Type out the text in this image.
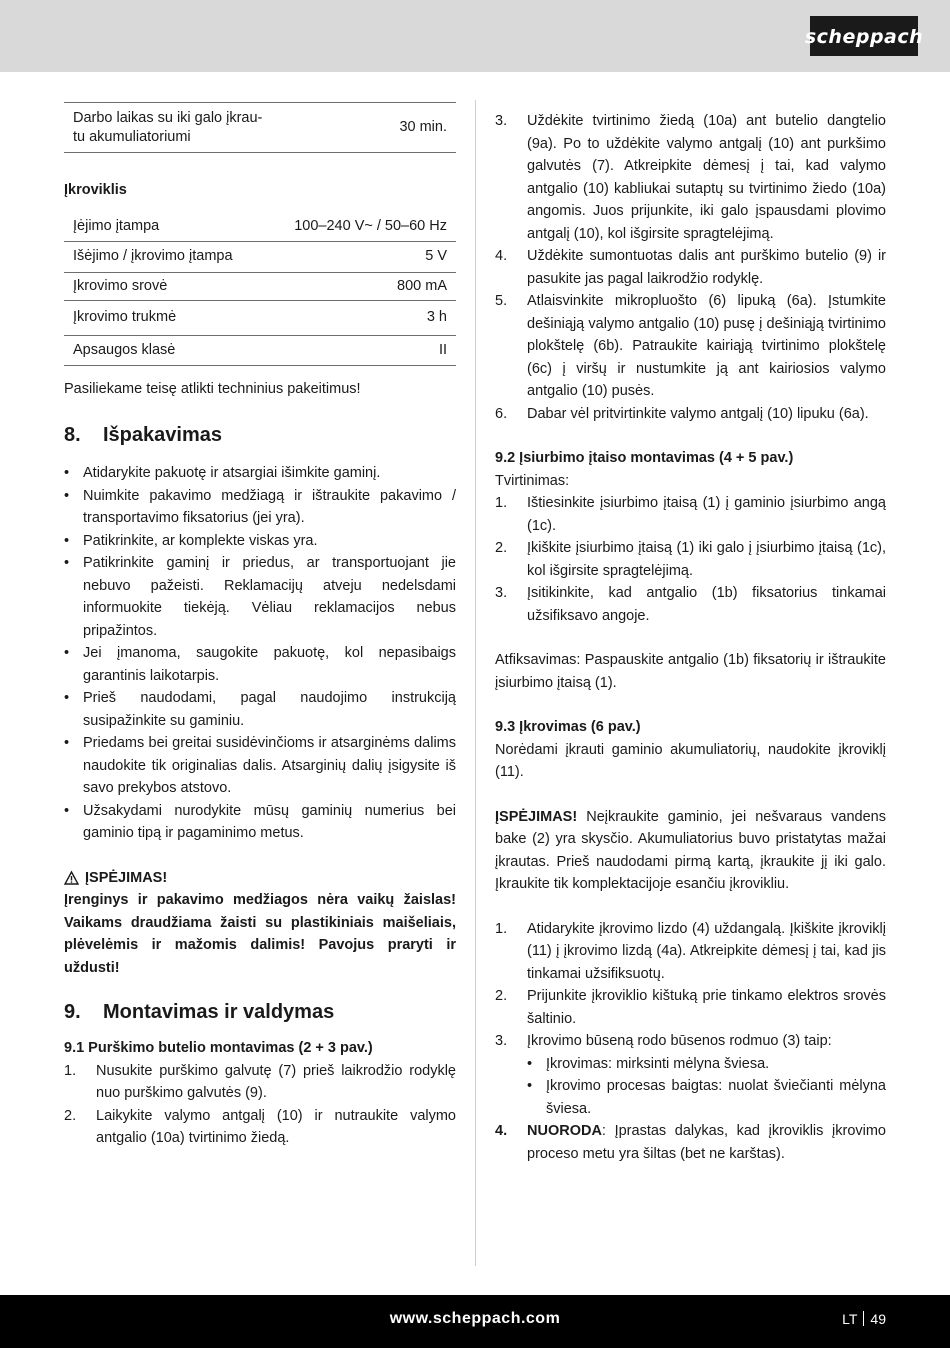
scheppach
Darbo laikas su iki galo įkrau-tu akumuliatoriumi	30 min.
Įkroviklis
Įėjimo įtampa	100–240 V~ / 50–60 Hz
Išėjimo / įkrovimo įtampa	5 V
Įkrovimo srovė	800 mA
Įkrovimo trukmė	3 h
Apsaugos klasė	II

Pasiliekame teisę atlikti techninius pakeitimus!

8. Išpakavimas
• Atidarykite pakuotę ir atsargiai išimkite gaminį.
• Nuimkite pakavimo medžiagą ir ištraukite pakavimo / transportavimo fiksatorius (jei yra).
• Patikrinkite, ar komplekte viskas yra.
• Patikrinkite gaminį ir priedus, ar transportuojant jie nebuvo pažeisti. Reklamacijų atveju nedelsdami informuokite tiekėją. Vėliau reklamacijos nebus pripažintos.
• Jei įmanoma, saugokite pakuotę, kol nepasibaigs garantinis laikotarpis.
• Prieš naudodami, pagal naudojimo instrukciją susipažinkite su gaminiu.
• Priedams bei greitai susidėvinčioms ir atsarginėms dalims naudokite tik originalias dalis. Atsarginių dalių įsigysite iš savo prekybos atstovo.
• Užsakydami nurodykite mūsų gaminių numerius bei gaminio tipą ir pagaminimo metus.
ĮSPĖJIMAS!

Įrenginys ir pakavimo medžiagos nėra vaikų žaislas! Vaikams draudžiama žaisti su plastikiniais maišeliais, plėvelėmis ir mažomis dalimis! Pavojus praryti ir uždusti!

9. Montavimas ir valdymas
9.1 Purškimo butelio montavimas (2 + 3 pav.)
1. Nusukite purškimo galvutę (7) prieš laikrodžio rodyklę nuo purškimo galvutės (9).
2. Laikykite valymo antgalį (10) ir nutraukite valymo antgalio (10a) tvirtinimo žiedą.
3. Uždėkite tvirtinimo žiedą (10a) ant butelio dangtelio (9a). Po to uždėkite valymo antgalį (10) ant purkšimo galvutės (7). Atkreipkite dėmesį į tai, kad valymo antgalio (10) kabliukai sutaptų su tvirtinimo žiedo (10a) angomis. Juos prijunkite, iki galo įspausdami plovimo antgalį (10), kol išgirsite spragtelėjimą.
4. Uždėkite sumontuotas dalis ant purškimo butelio (9) ir pasukite jas pagal laikrodžio rodyklę.
5. Atlaisvinkite mikropluošto (6) lipuką (6a). Įstumkite dešiniąją valymo antgalio (10) pusę į dešiniąją tvirtinimo plokštelę (6b). Patraukite kairiąją tvirtinimo plokštelę (6c) į viršų ir nustumkite ją ant kairiosios valymo antgalio (10) pusės.
6. Dabar vėl pritvirtinkite valymo antgalį (10) lipuku (6a).
9.2 Įsiurbimo įtaiso montavimas (4 + 5 pav.)

Tvirtinimas:

1. Ištiesinkite įsiurbimo įtaisą (1) į gaminio įsiurbimo angą (1c).
2. Įkiškite įsiurbimo įtaisą (1) iki galo į įsiurbimo įtaisą (1c), kol išgirsite spragtelėjimą.
3. Įsitikinkite, kad antgalio (1b) fiksatorius tinkamai užsifiksavo angoje.

Atfiksavimas: Paspauskite antgalio (1b) fiksatorių ir ištraukite įsiurbimo įtaisą (1).

9.3 Įkrovimas (6 pav.)

Norėdami įkrauti gaminio akumuliatorių, naudokite įkroviklį (11).

ĮSPĖJIMAS! Neįkraukite gaminio, jei nešvaraus vandens bake (2) yra skysčio. Akumuliatorius buvo pristatytas mažai įkrautas. Prieš naudodami pirmą kartą, įkraukite jį iki galo. Įkraukite tik komplektacijoje esančiu įkrovikliu.

1. Atidarykite įkrovimo lizdo (4) uždangalą. Įkiškite įkroviklį (11) į įkrovimo lizdą (4a). Atkreipkite dėmesį į tai, kad jis tinkamai užsifiksuotų.
2. Prijunkite įkroviklio kištuką prie tinkamo elektros srovės šaltinio.
3. Įkrovimo būseną rodo būsenos rodmuo (3) taip:
• Įkrovimas: mirksinti mėlyna šviesa.
• Įkrovimo procesas baigtas: nuolat šviečianti mėlyna šviesa.
4. NUORODA: Įprastas dalykas, kad įkroviklis įkrovimo proceso metu yra šiltas (bet ne karštas).
www.scheppach.com	LT 49
